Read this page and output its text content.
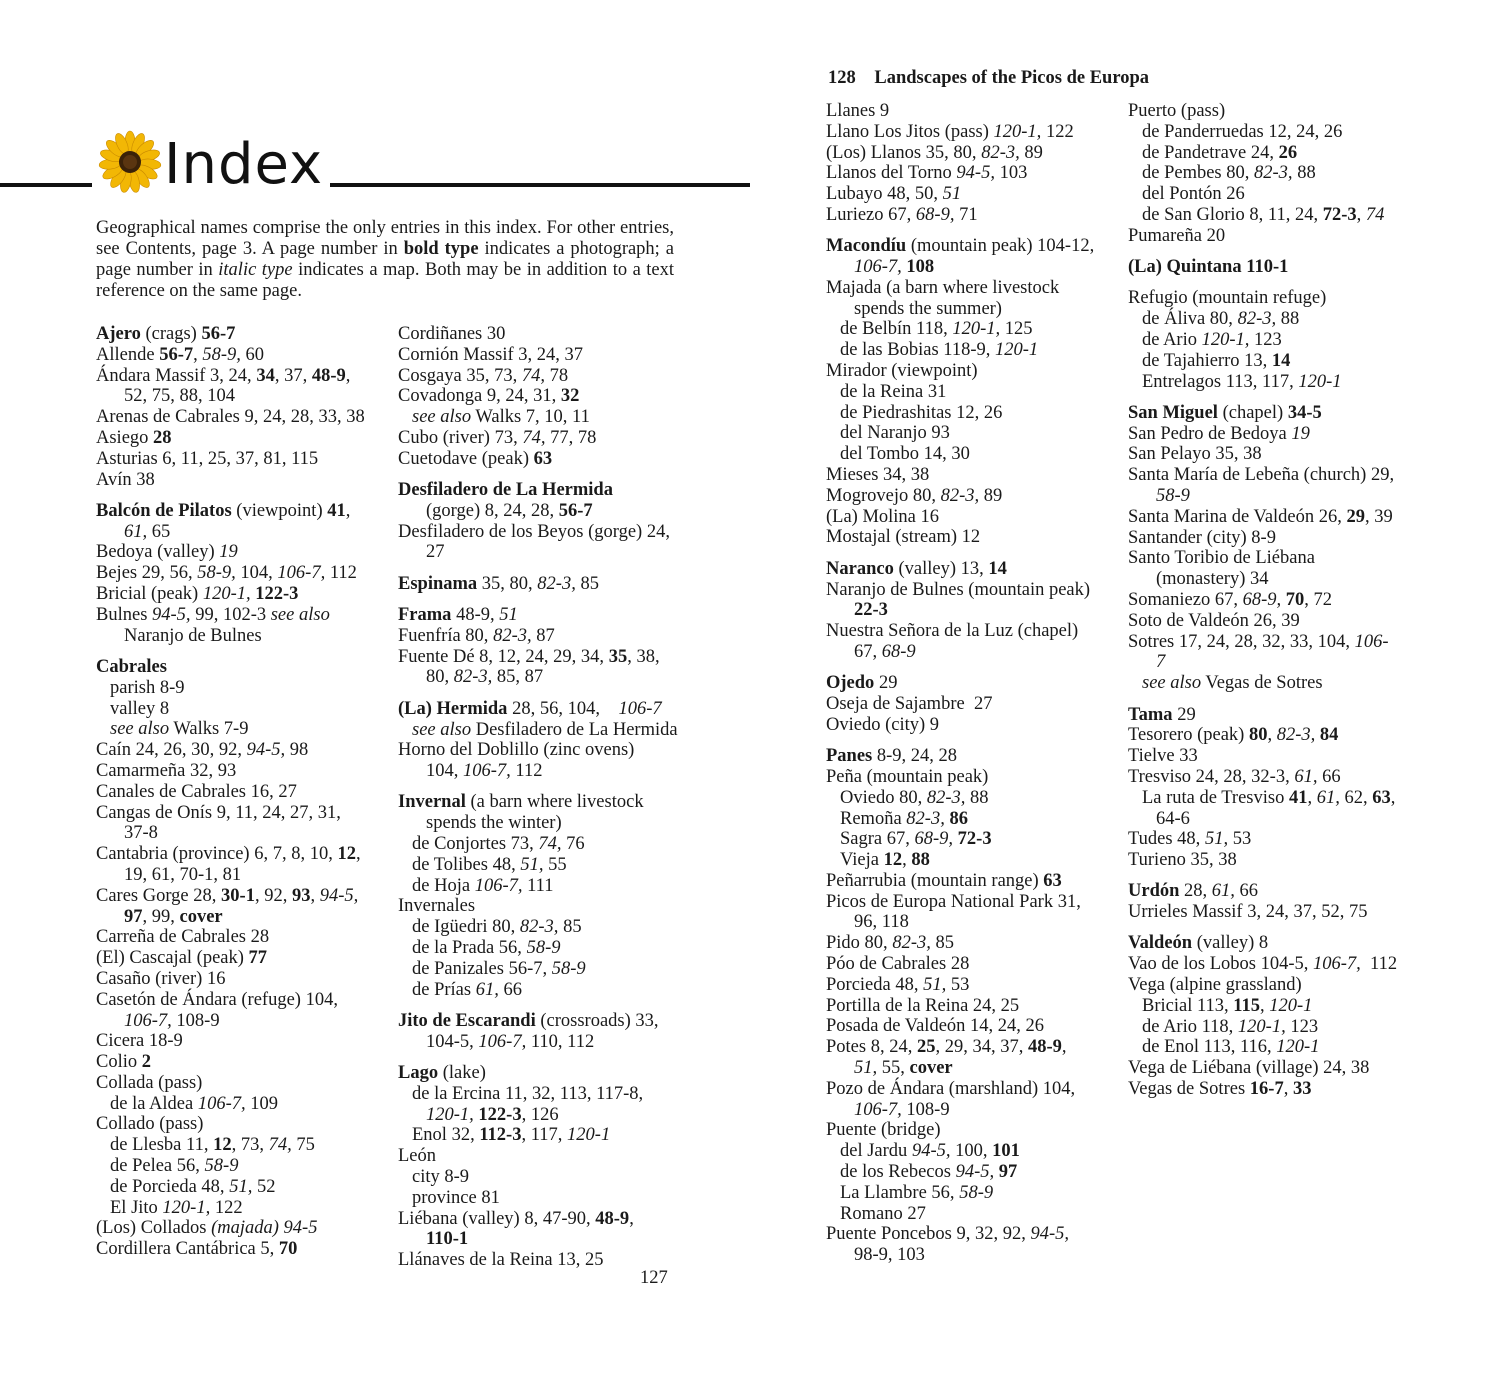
Index
Geographical names comprise the only entries in this index. For other entries, see Contents, page 3. A page number in bold type indicates a photograph; a page number in italic type indicates a map. Both may be in addition to a text reference on the same page.
128 Landscapes of the Picos de Europa
Ajero (crags) 56-7
Allende 56-7, 58-9, 60
Ándara Massif 3, 24, 34, 37, 48-9,
52, 75, 88, 104
Arenas de Cabrales 9, 24, 28, 33, 38
Asiego 28
Asturias 6, 11, 25, 37, 81, 115
Avín 38
Balcón de Pilatos (viewpoint) 41,
61, 65
Bedoya (valley) 19
Bejes 29, 56, 58-9, 104, 106-7, 112
Bricial (peak) 120-1, 122-3
Bulnes 94-5, 99, 102-3 see also
Naranjo de Bulnes
Cabrales
parish 8-9
valley 8
see also Walks 7-9
Caín 24, 26, 30, 92, 94-5, 98
Camarmeña 32, 93
Canales de Cabrales 16, 27
Cangas de Onís 9, 11, 24, 27, 31,
37-8
Cantabria (province) 6, 7, 8, 10, 12,
19, 61, 70-1, 81
Cares Gorge 28, 30-1, 92, 93, 94-5,
97, 99, cover
Carreña de Cabrales 28
(El) Cascajal (peak) 77
Casaño (river) 16
Casetón de Ándara (refuge) 104,
106-7, 108-9
Cicera 18-9
Colio 2
Collada (pass)
de la Aldea 106-7, 109
Collado (pass)
de Llesba 11, 12, 73, 74, 75
de Pelea 56, 58-9
de Porcieda 48, 51, 52
El Jito 120-1, 122
(Los) Collados (majada) 94-5
Cordillera Cantábrica 5, 70
Cordiñanes 30
Cornión Massif 3, 24, 37
Cosgaya 35, 73, 74, 78
Covadonga 9, 24, 31, 32
see also Walks 7, 10, 11
Cubo (river) 73, 74, 77, 78
Cuetodave (peak) 63
Desfiladero de La Hermida
(gorge) 8, 24, 28, 56-7
Desfiladero de los Beyos (gorge) 24,
27
Espinama 35, 80, 82-3, 85
Frama 48-9, 51
Fuenfría 80, 82-3, 87
Fuente Dé 8, 12, 24, 29, 34, 35, 38,
80, 82-3, 85, 87
(La) Hermida 28, 56, 104,    106-7
see also Desfiladero de La Hermida
Horno del Doblillo (zinc ovens)
104, 106-7, 112
Invernal (a barn where livestock
spends the winter)
de Conjortes 73, 74, 76
de Tolibes 48, 51, 55
de Hoja 106-7, 111
Invernales
de Igüedri 80, 82-3, 85
de la Prada 56, 58-9
de Panizales 56-7, 58-9
de Prías 61, 66
Jito de Escarandi (crossroads) 33,
104-5, 106-7, 110, 112
Lago (lake)
de la Ercina 11, 32, 113, 117-8,
120-1, 122-3, 126
Enol 32, 112-3, 117, 120-1
León
city 8-9
province 81
Liébana (valley) 8, 47-90, 48-9,
110-1
Llánaves de la Reina 13, 25
Llanes 9
Llano Los Jitos (pass) 120-1, 122
(Los) Llanos 35, 80, 82-3, 89
Llanos del Torno 94-5, 103
Lubayo 48, 50, 51
Luriezo 67, 68-9, 71
Macondíu (mountain peak) 104-12,
106-7, 108
Majada (a barn where livestock
spends the summer)
de Belbín 118, 120-1, 125
de las Bobias 118-9, 120-1
Mirador (viewpoint)
de la Reina 31
de Piedrashitas 12, 26
del Naranjo 93
del Tombo 14, 30
Mieses 34, 38
Mogrovejo 80, 82-3, 89
(La) Molina 16
Mostajal (stream) 12
Naranco (valley) 13, 14
Naranjo de Bulnes (mountain peak)
22-3
Nuestra Señora de la Luz (chapel)
67, 68-9
Ojedo 29
Oseja de Sajambre  27
Oviedo (city) 9
Panes 8-9, 24, 28
Peña (mountain peak)
Oviedo 80, 82-3, 88
Remoña 82-3, 86
Sagra 67, 68-9, 72-3
Vieja 12, 88
Peñarrubia (mountain range) 63
Picos de Europa National Park 31,
96, 118
Pido 80, 82-3, 85
Póo de Cabrales 28
Porcieda 48, 51, 53
Portilla de la Reina 24, 25
Posada de Valdeón 14, 24, 26
Potes 8, 24, 25, 29, 34, 37, 48-9,
51, 55, cover
Pozo de Ándara (marshland) 104,
106-7, 108-9
Puente (bridge)
del Jardu 94-5, 100, 101
de los Rebecos 94-5, 97
La Llambre 56, 58-9
Romano 27
Puente Poncebos 9, 32, 92, 94-5,
98-9, 103
Puerto (pass)
de Panderruedas 12, 24, 26
de Pandetrave 24, 26
de Pembes 80, 82-3, 88
del Pontón 26
de San Glorio 8, 11, 24, 72-3, 74
Pumareña 20
(La) Quintana 110-1
Refugio (mountain refuge)
de Áliva 80, 82-3, 88
de Ario 120-1, 123
de Tajahierro 13, 14
Entrelagos 113, 117, 120-1
San Miguel (chapel) 34-5
San Pedro de Bedoya 19
San Pelayo 35, 38
Santa María de Lebeña (church) 29,
58-9
Santa Marina de Valdeón 26, 29, 39
Santander (city) 8-9
Santo Toribio de Liébana
(monastery) 34
Somaniezo 67, 68-9, 70, 72
Soto de Valdeón 26, 39
Sotres 17, 24, 28, 32, 33, 104, 106-
7
see also Vegas de Sotres
Tama 29
Tesorero (peak) 80, 82-3, 84
Tielve 33
Tresviso 24, 28, 32-3, 61, 66
La ruta de Tresviso 41, 61, 62, 63,
64-6
Tudes 48, 51, 53
Turieno 35, 38
Urdón 28, 61, 66
Urrieles Massif 3, 24, 37, 52, 75
Valdeón (valley) 8
Vao de los Lobos 104-5, 106-7,  112
Vega (alpine grassland)
Bricial 113, 115, 120-1
de Ario 118, 120-1, 123
de Enol 113, 116, 120-1
Vega de Liébana (village) 24, 38
Vegas de Sotres 16-7, 33
127
